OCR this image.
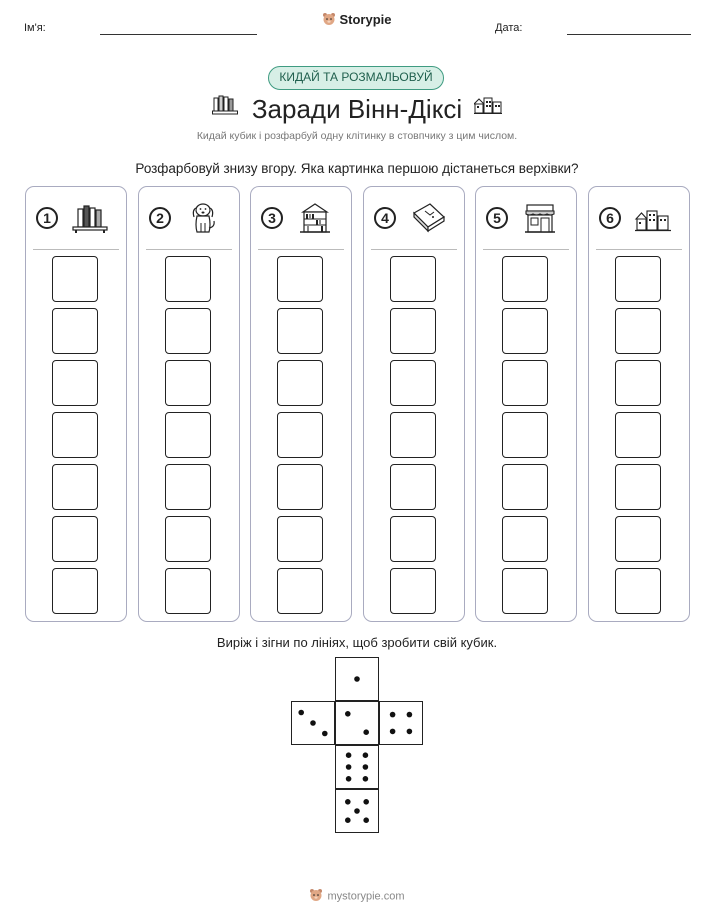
Ім'я:
Storypie
Дата:
КИДАЙ ТА РОЗМАЛЬОВУЙ
Заради Вінн-Діксі
Кидай кубик і розфарбуй одну клітинку в стовпчику з цим числом.
Розфарбовуй знизу вгору. Яка картинка першою дістанеться верхівки?
1	2	3	4	5	6
Виріж і зігни по лініях, щоб зробити свій кубик.
mystorypie.com
